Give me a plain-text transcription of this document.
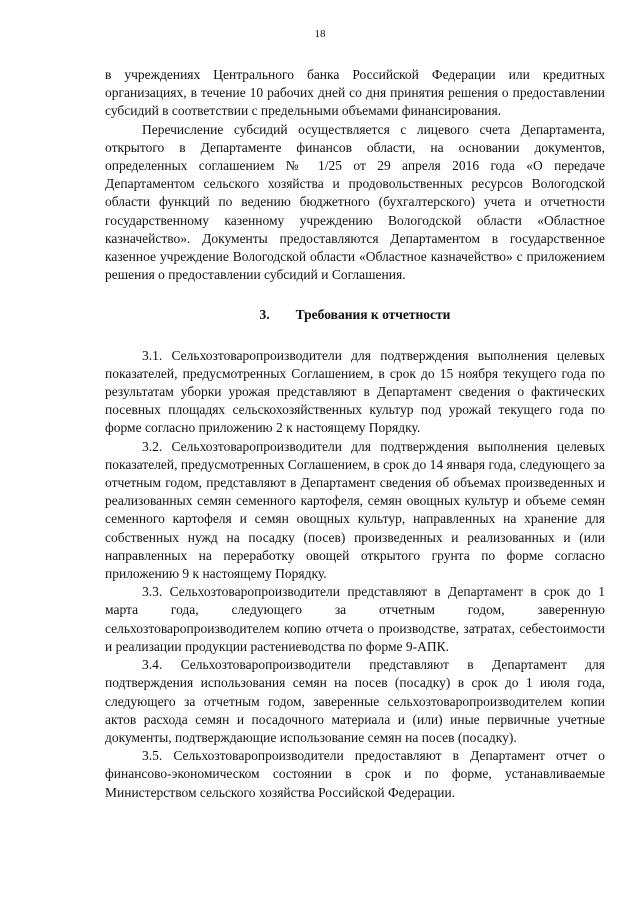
18

в учреждениях Центрального банка Российской Федерации или кредитных организациях, в течение 10 рабочих дней со дня принятия решения о предоставлении субсидий в соответствии с предельными объемами финансирования.

Перечисление субсидий осуществляется с лицевого счета Департамента, открытого в Департаменте финансов области, на основании документов, определенных соглашением № 1/25 от 29 апреля 2016 года «О передаче Департаментом сельского хозяйства и продовольственных ресурсов Вологодской области функций по ведению бюджетного (бухгалтерского) учета и отчетности государственному казенному учреждению Вологодской области «Областное казначейство». Документы предоставляются Департаментом в государственное казенное учреждение Вологодской области «Областное казначейство» с приложением решения о предоставлении субсидий и Соглашения.

3. Требования к отчетности

3.1. Сельхозтоваропроизводители для подтверждения выполнения целевых показателей, предусмотренных Соглашением, в срок до 15 ноября текущего года по результатам уборки урожая представляют в Департамент сведения о фактических посевных площадях сельскохозяйственных культур под урожай текущего года по форме согласно приложению 2 к настоящему Порядку.

3.2. Сельхозтоваропроизводители для подтверждения выполнения целевых показателей, предусмотренных Соглашением, в срок до 14 января года, следующего за отчетным годом, представляют в Департамент сведения об объемах произведенных и реализованных семян семенного картофеля, семян овощных культур и объеме семян семенного картофеля и семян овощных культур, направленных на хранение для собственных нужд на посадку (посев) произведенных и реализованных и (или направленных на переработку овощей открытого грунта по форме согласно приложению 9 к настоящему Порядку.

3.3. Сельхозтоваропроизводители представляют в Департамент в срок до 1 марта года, следующего за отчетным годом, заверенную сельхозтоваропроизводителем копию отчета о производстве, затратах, себестоимости и реализации продукции растениеводства по форме 9-АПК.

3.4. Сельхозтоваропроизводители представляют в Департамент для подтверждения использования семян на посев (посадку) в срок до 1 июля года, следующего за отчетным годом, заверенные сельхозтоваропроизводителем копии актов расхода семян и посадочного материала и (или) иные первичные учетные документы, подтверждающие использование семян на посев (посадку).

3.5. Сельхозтоваропроизводители предоставляют в Департамент отчет о финансово-экономическом состоянии в срок и по форме, устанавливаемые Министерством сельского хозяйства Российской Федерации.
